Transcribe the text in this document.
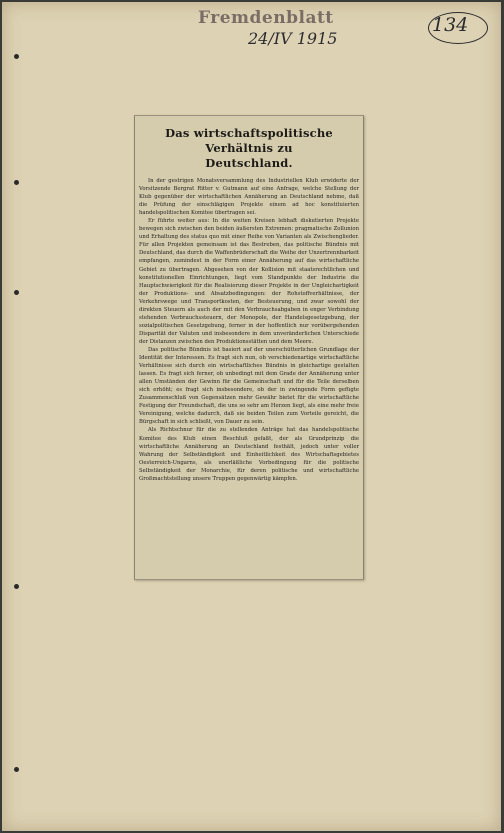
Fremdenblatt
24/IV 1915
134
Das wirtschaftspolitische Verhältnis zu
Deutschland.

In der gestrigen Monatsversammlung des Industriellen Klub erwiderte der Vorsitzende Bergrat Ritter v. Gutmann auf eine Anfrage, welche Stellung der Klub gegenüber der wirtschaftlichen Annäherung an Deutschland nehme, daß die Prüfung der einschlägigen Projekte einem ad hoc konstituierten handelspolitischen Komitee übertragen sei.

Er führte weiter aus: In die weiten Kreisen lebhaft diskutierten Projekte bewegen sich zwischen den beiden äußersten Extremen: pragmatische Zollunion und Erhaltung des status quo mit einer Reihe von Varianten als Zwischenglieder. Für allen Projekten gemeinsam ist das Bestreben, das politische Bündnis mit Deutschland, das durch die Waffenbrüderschaft die Weihe der Unzertrennbarkeit empfangen, zumindest in der Form einer Annäherung auf das wirtschaftliche Gebiet zu übertragen. Abgesehen von der Kollision mit staatsrechtlichen und konstitutionellen Einrichtungen, liegt vom Standpunkte der Industrie die Hauptschwierigkeit für die Realisierung dieser Projekte in der Ungleichartigkeit der Produktions- und Absatzbedingungen: der Rohstoffverhältnisse, der Verkehrswege und Transportkosten, der Besteuerung, und zwar sowohl der direkten Steuern als auch der mit den Verbrauchsabgaben in enger Verbindung stehenden Verbrauchssteuern, der Monopole, der Handelsgesetzgebung, der sozialpolitischen Gesetzgebung, ferner in der hoffentlich nur vorübergehenden Disparität der Valuten und insbesondere in dem unveränderlichen Unterschiede der Distanzen zwischen den Produktionsstätten und dem Meere.

Das politische Bündnis ist basiert auf der unerschütterlichen Grundlage der Identität der Interessen. Es fragt sich nun, ob verschiedenartige wirtschaftliche Verhältnisse sich durch ein wirtschaftliches Bündnis in gleichartige gestalten lassen. Es fragt sich ferner, ob unbedingt mit dem Grade der Annäherung unter allen Umständen der Gewinn für die Gemeinschaft und für die Teile derselben sich erhöht; es fragt sich insbesondere, ob der in zwingende Form gefügte Zusammenschluß von Gegensätzen mehr Gewähr bietet für die wirtschaftliche Festigung der Freundschaft, die uns so sehr am Herzen liegt, als eine mehr freie Vereinigung, welche dadurch, daß sie beiden Teilen zum Vorteile gereicht, die Bürgschaft in sich schließt, von Dauer zu sein.

Als Richtschnur für die zu stellenden Anträge hat das handelspolitische Komitee des Klub einen Beschluß gefaßt, der als Grundprinzip die wirtschaftliche Annäherung an Deutschland festhält, jedoch unter voller Wahrung der Selbständigkeit und Einheitlichkeit des Wirtschaftsgebietes Oesterreich-Ungarns, als unerläßliche Vorbedingung für die politische Selbständigkeit der Monarchie, für deren politische und wirtschaftliche Großmachtstellung unsere Truppen gegenwärtig kämpfen.
